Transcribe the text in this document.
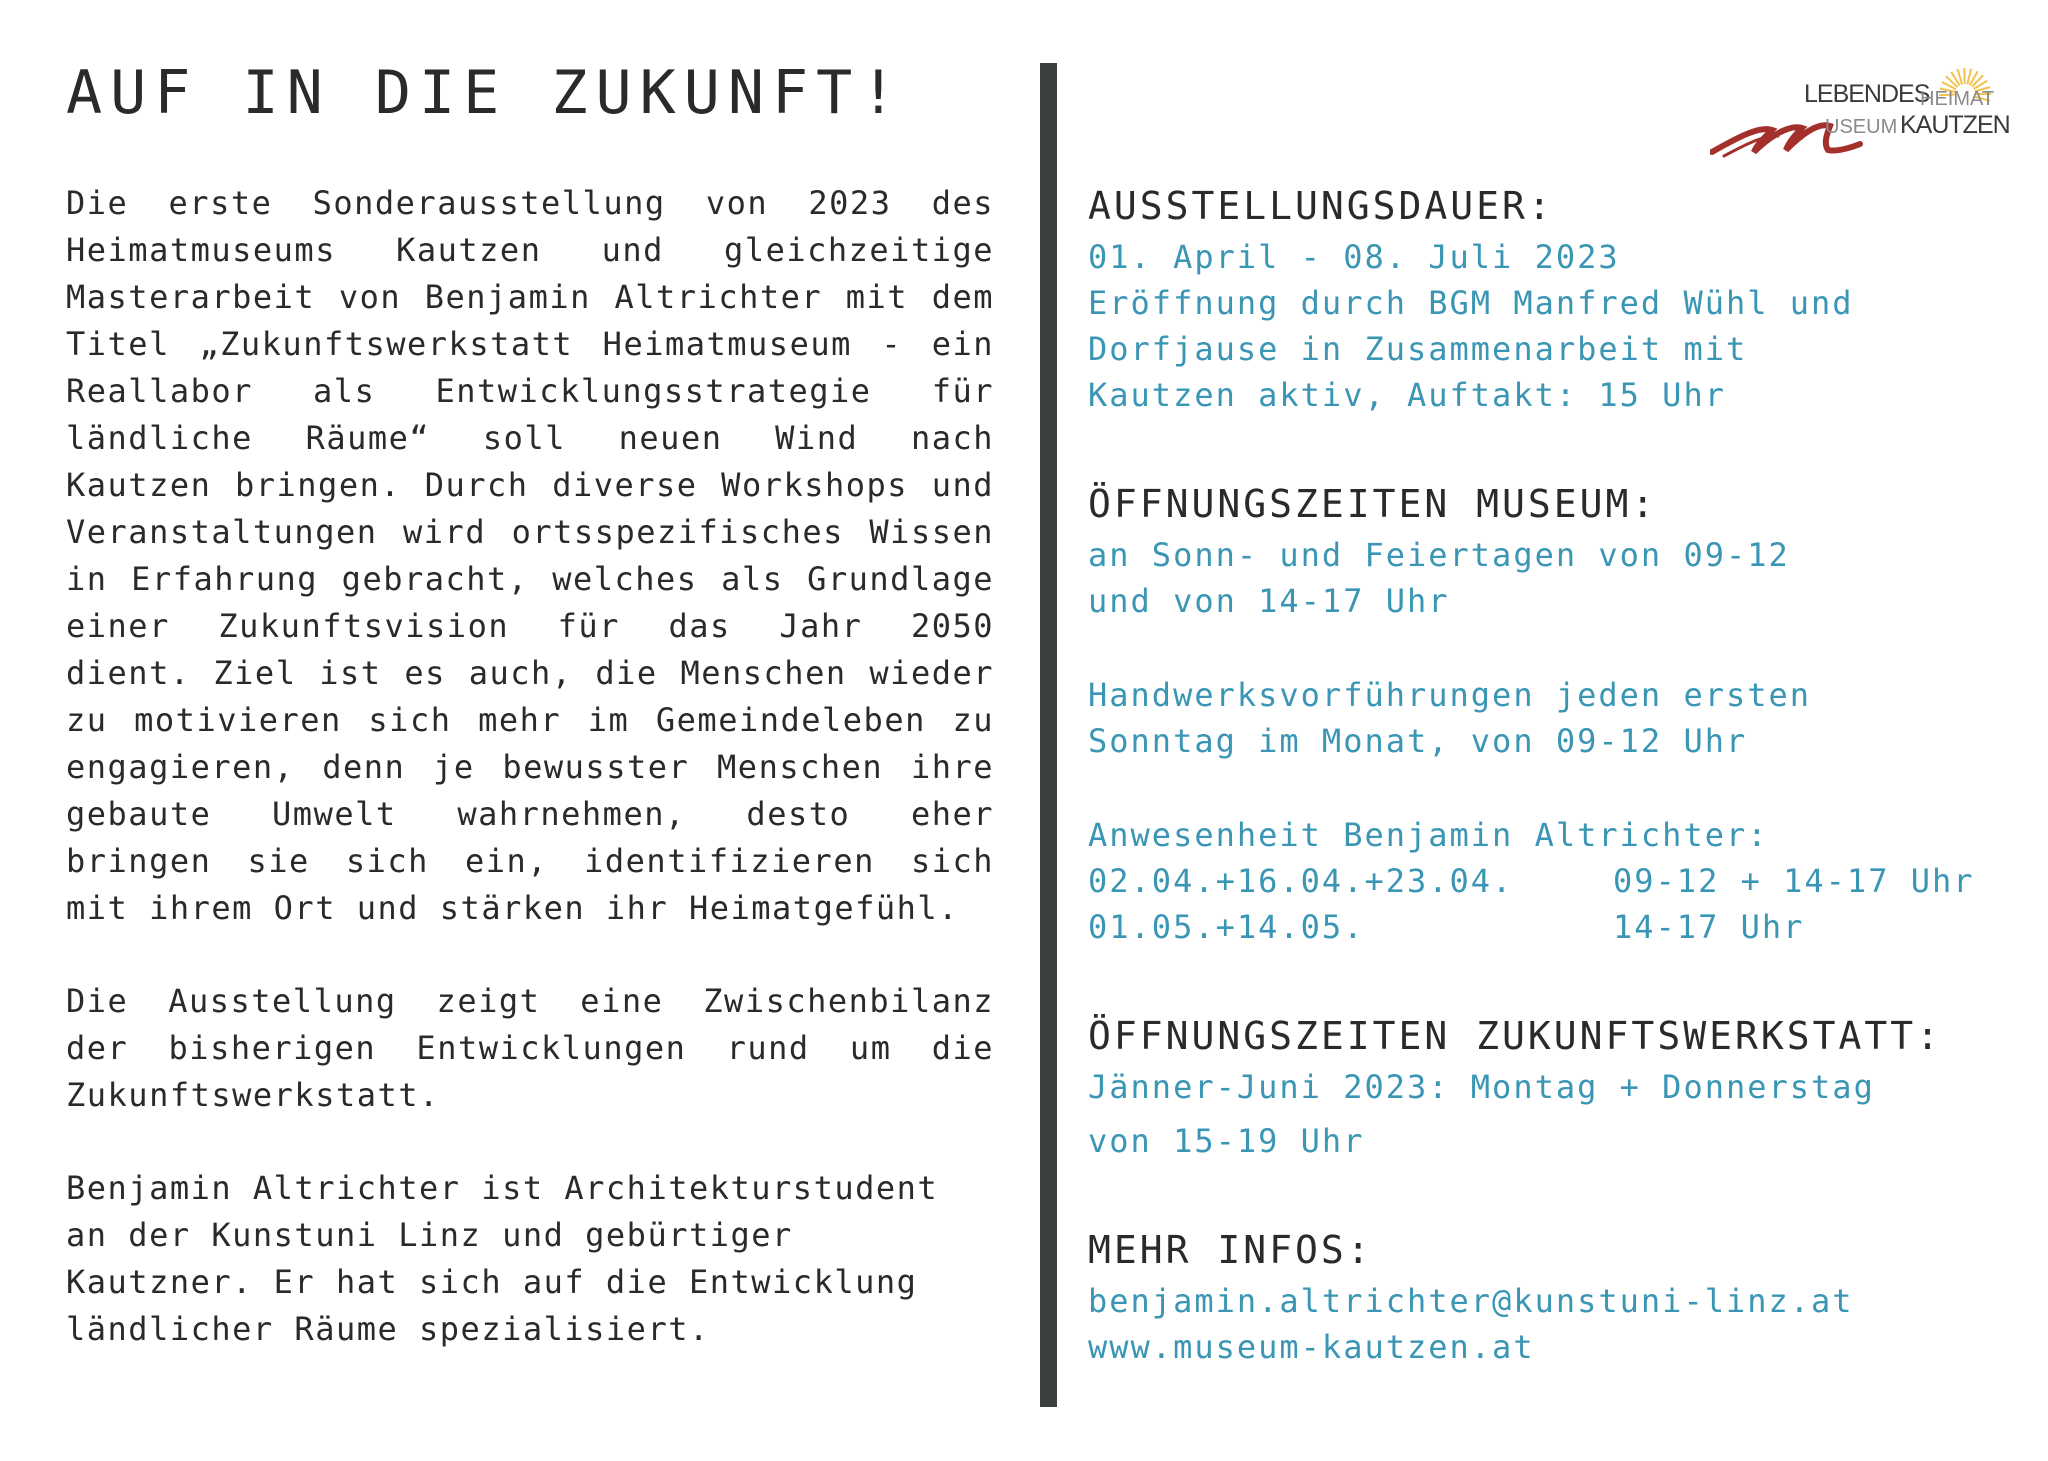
AUF IN DIE ZUKUNFT!

Die erste Sonderausstellung von 2023 des Heimatmuseums Kautzen und gleichzeitige Masterarbeit von Benjamin Altrichter mit dem Titel „Zukunftswerkstatt Heimatmuseum - ein Reallabor als Entwicklungsstrategie für ländliche Räume“ soll neuen Wind nach Kautzen bringen. Durch diverse Workshops und Veranstaltungen wird ortsspezifisches Wissen in Erfahrung gebracht, welches als Grundlage einer Zukunftsvision für das Jahr 2050 dient. Ziel ist es auch, die Menschen wieder zu motivieren sich mehr im Gemeindeleben zu engagieren, denn je bewusster Menschen ihre gebaute Umwelt wahrnehmen, desto eher bringen sie sich ein, identifizieren sich mit ihrem Ort und stärken ihr Heimatgefühl.

Die Ausstellung zeigt eine Zwischenbilanz der bisherigen Entwicklungen rund um die Zukunftswerkstatt.

Benjamin Altrichter ist Architekturstudent an der Kunstuni Linz und gebürtiger Kautzner. Er hat sich auf die Entwicklung ländlicher Räume spezialisiert.

LEBENDES
HEIMAT
USEUM KAUTZEN
AUSSTELLUNGSDAUER:

01. April - 08. Juli 2023

Eröffnung durch BGM Manfred Wühl und

Dorfjause in Zusammenarbeit mit

Kautzen aktiv, Auftakt: 15 Uhr

ÖFFNUNGSZEITEN MUSEUM:

an Sonn- und Feiertagen von 09-12

und von 14-17 Uhr

Handwerksvorführungen jeden ersten

Sonntag im Monat, von 09-12 Uhr

Anwesenheit Benjamin Altrichter:

02.04.+16.04.+23.04.	09-12 + 14-17 Uhr
01.05.+14.05.	14-17 Uhr
ÖFFNUNGSZEITEN ZUKUNFTSWERKSTATT:

Jänner-Juni 2023: Montag + Donnerstag

von 15-19 Uhr

MEHR INFOS:

benjamin.altrichter@kunstuni-linz.at

www.museum-kautzen.at
